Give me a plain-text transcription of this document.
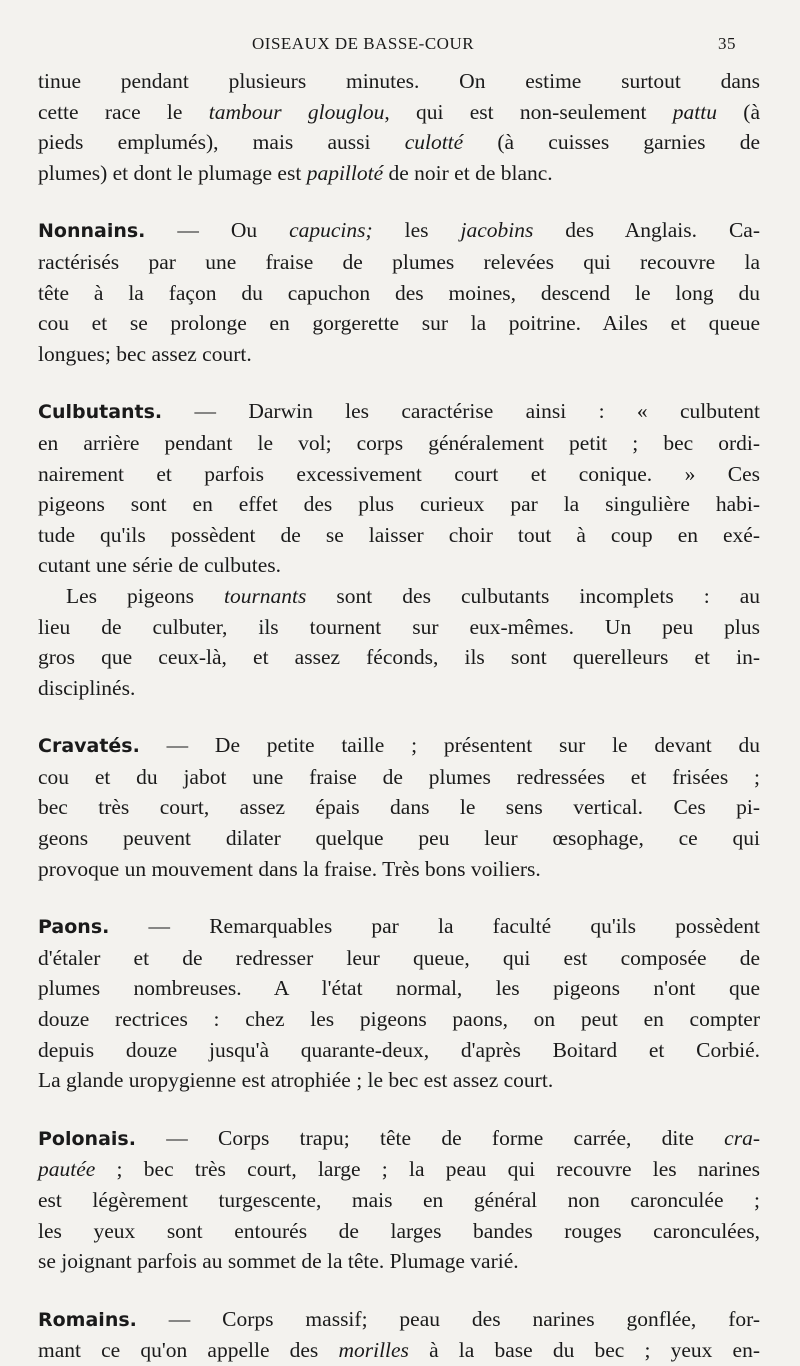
OISEAUX DE BASSE-COUR	35
tinue pendant plusieurs minutes. On estime surtout dans
cette race le tambour glouglou, qui est non-seulement pattu (à
pieds emplumés), mais aussi culotté (à cuisses garnies de
plumes) et dont le plumage est papilloté de noir et de blanc.
Nonnains. — Ou capucins; les jacobins des Anglais. Ca-
ractérisés par une fraise de plumes relevées qui recouvre la
tête à la façon du capuchon des moines, descend le long du
cou et se prolonge en gorgerette sur la poitrine. Ailes et queue
longues; bec assez court.
Culbutants. — Darwin les caractérise ainsi : « culbutent
en arrière pendant le vol; corps généralement petit ; bec ordi-
nairement et parfois excessivement court et conique. » Ces
pigeons sont en effet des plus curieux par la singulière habi-
tude qu'ils possèdent de se laisser choir tout à coup en exé-
cutant une série de culbutes.
Les pigeons tournants sont des culbutants incomplets : au
lieu de culbuter, ils tournent sur eux-mêmes. Un peu plus
gros que ceux-là, et assez féconds, ils sont querelleurs et in-
disciplinés.
Cravatés. — De petite taille ; présentent sur le devant du
cou et du jabot une fraise de plumes redressées et frisées ;
bec très court, assez épais dans le sens vertical. Ces pi-
geons peuvent dilater quelque peu leur œsophage, ce qui
provoque un mouvement dans la fraise. Très bons voiliers.
Paons. — Remarquables par la faculté qu'ils possèdent
d'étaler et de redresser leur queue, qui est composée de
plumes nombreuses. A l'état normal, les pigeons n'ont que
douze rectrices : chez les pigeons paons, on peut en compter
depuis douze jusqu'à quarante-deux, d'après Boitard et Corbié.
La glande uropygienne est atrophiée ; le bec est assez court.
Polonais. — Corps trapu; tête de forme carrée, dite cra-
pautée ; bec très court, large ; la peau qui recouvre les narines
est légèrement turgescente, mais en général non caronculée ;
les yeux sont entourés de larges bandes rouges caronculées,
se joignant parfois au sommet de la tête. Plumage varié.
Romains. — Corps massif; peau des narines gonflée, for-
mant ce qu'on appelle des morilles à la base du bec ; yeux en-
